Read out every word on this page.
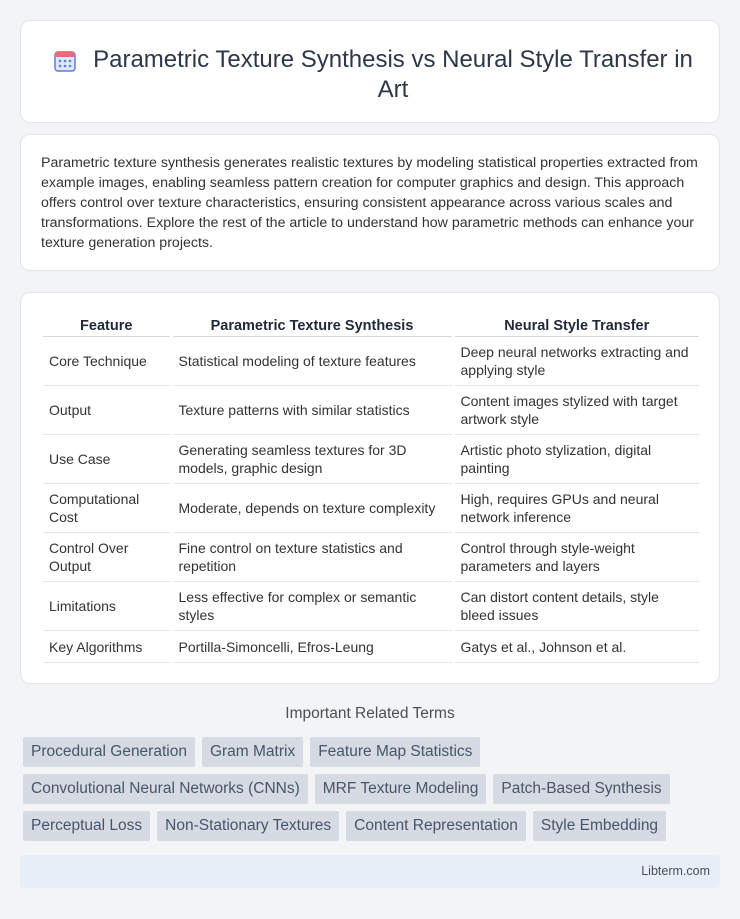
Parametric Texture Synthesis vs Neural Style Transfer in Art

Parametric texture synthesis generates realistic textures by modeling statistical properties extracted from example images, enabling seamless pattern creation for computer graphics and design. This approach offers control over texture characteristics, ensuring consistent appearance across various scales and transformations. Explore the rest of the article to understand how parametric methods can enhance your texture generation projects.

Feature	Parametric Texture Synthesis	Neural Style Transfer
Core Technique	Statistical modeling of texture features	Deep neural networks extracting and applying style
Output	Texture patterns with similar statistics	Content images stylized with target artwork style
Use Case	Generating seamless textures for 3D models, graphic design	Artistic photo stylization, digital painting
Computational Cost	Moderate, depends on texture complexity	High, requires GPUs and neural network inference
Control Over Output	Fine control on texture statistics and repetition	Control through style-weight parameters and layers
Limitations	Less effective for complex or semantic styles	Can distort content details, style bleed issues
Key Algorithms	Portilla-Simoncelli, Efros-Leung	Gatys et al., Johnson et al.
Important Related Terms
Procedural Generation	Gram Matrix	Feature Map Statistics
Convolutional Neural Networks (CNNs)	MRF Texture Modeling	Patch-Based Synthesis
Perceptual Loss	Non-Stationary Textures	Content Representation	Style Embedding
Libterm.com
